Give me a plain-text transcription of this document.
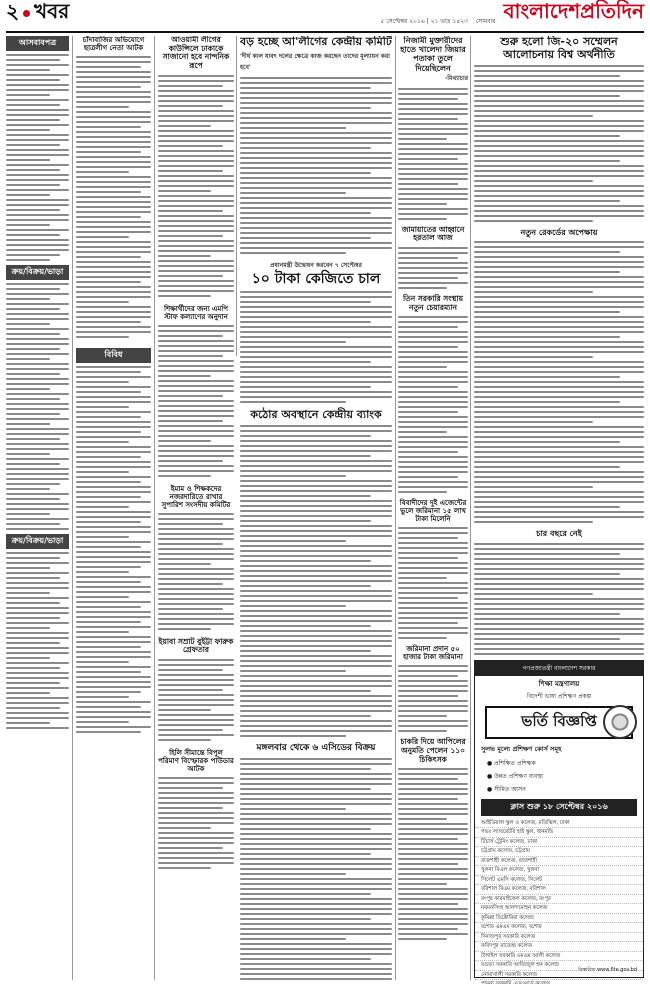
২ খবর	৫ সেপ্টেম্বর ২০১৬ | ২১ ভাদ্র ১৪২৩ সোমবার বাংলাদেশ প্রতিদিন
আসবাবপত্র
ক্রয়/বিক্রয়/ভাড়া
ক্রয়/বিক্রয়/ভাড়া
চাঁদাবাজির অভিযোগে ছাত্রলীগ নেতা আটক
বিবিধ
আওয়ামী লীগের কাউন্সিলে ঢাকাকে সাজানো হবে নান্দনিক রূপে
শিক্ষার্থীদের জন্য এমপি স্টাফ কল্যাণের অনুদান
ইমাম ও শিক্ষকদের নজরদারিতে রাখার সুপারিশ সংসদীয় কমিটির
ইয়াবা সম্রাট বুইট্টা ফারুক গ্রেফতার
হিলি সীমান্তে বিপুল পরিমাণ বিস্ফোরক পাউডার আটক
বড় হচ্ছে আ'লীগের কেন্দ্রীয় কমিটি
'দীর্ঘ কাল যাবৎ দলের ক্ষেত্রে কাজ করছেন তাদের মূল্যায়ন করা হবে'
প্রধানমন্ত্রী উদ্বোধন করবেন ৭ সেপ্টেম্বর
১০ টাকা কেজিতে চাল
কঠোর অবস্থানে কেন্দ্রীয় ব্যাংক
মঙ্গলবার থেকে ৬ এসিডের বিক্রয়
নিজামী মুক্তারীদের হাতে খালেদা জিয়ার পতাকা তুলে দিয়েছিলেন
-মিথ্যাচার
জামায়াতের আহ্বানে হরতাল আজ
তিন সরকারি সংস্থায় নতুন চেয়ারম্যান
বিবাদীদের দুই এজেন্টের ভুলে জরিমানা ১৫ লাখ টাকা মিলেনি
জরিমানা প্রদান ৫০ হাজার টাকা জরিমানা
চাকরি দিয়ে আপিলের অনুমতি পেলেন ১১০ চিকিৎসক
শুরু হলো জি-২০ সম্মেলন আলোচনায় বিশ্ব অর্থনীতি
নতুন রেকর্ডের অপেক্ষায়
চার বছরে নেই
গণপ্রজাতন্ত্রী বাংলাদেশ সরকার
শিক্ষা মন্ত্রণালয়
বিদেশী ভাষা প্রশিক্ষণ প্রকল্প
ভর্তি বিজ্ঞপ্তি
সুলভ মূল্যে প্রশিক্ষণ কোর্স সমূহ
● প্রশিক্ষিত প্রশিক্ষক
● উন্নত প্রশিক্ষণ ব্যবস্থা
● সীমিত আসন
ক্লাস শুরু ১৮ সেপ্টেম্বর ২০১৬
আইডিয়াল স্কুল ও কলেজ, মতিঝিল, ঢাকা
গভঃ ল্যাবরেটরি হাই স্কুল, ধানমন্ডি
টিচার্স ট্রেনিং কলেজ, ঢাকা
চট্টগ্রাম কলেজ, চট্টগ্রাম
রাজশাহী কলেজ, রাজশাহী
খুলনা বিএল কলেজ, খুলনা
সিলেট এমসি কলেজ, সিলেট
বরিশাল বিএম কলেজ, বরিশাল
রংপুর কারমাইকেল কলেজ, রংপুর
ময়মনসিংহ আনন্দমোহন কলেজ
কুমিল্লা ভিক্টোরিয়া কলেজ
যশোর এমএম কলেজ, যশোর
দিনাজপুর সরকারি কলেজ
ফরিদপুর রাজেন্দ্র কলেজ
টাঙ্গাইল সরকারি এমএম আলী কলেজ
বগুড়া সরকারি আজিজুল হক কলেজ
নোয়াখালী সরকারি কলেজ
পাবনা সরকারি এডওয়ার্ড কলেজ
বিস্তারিত www.flte.gov.bd
